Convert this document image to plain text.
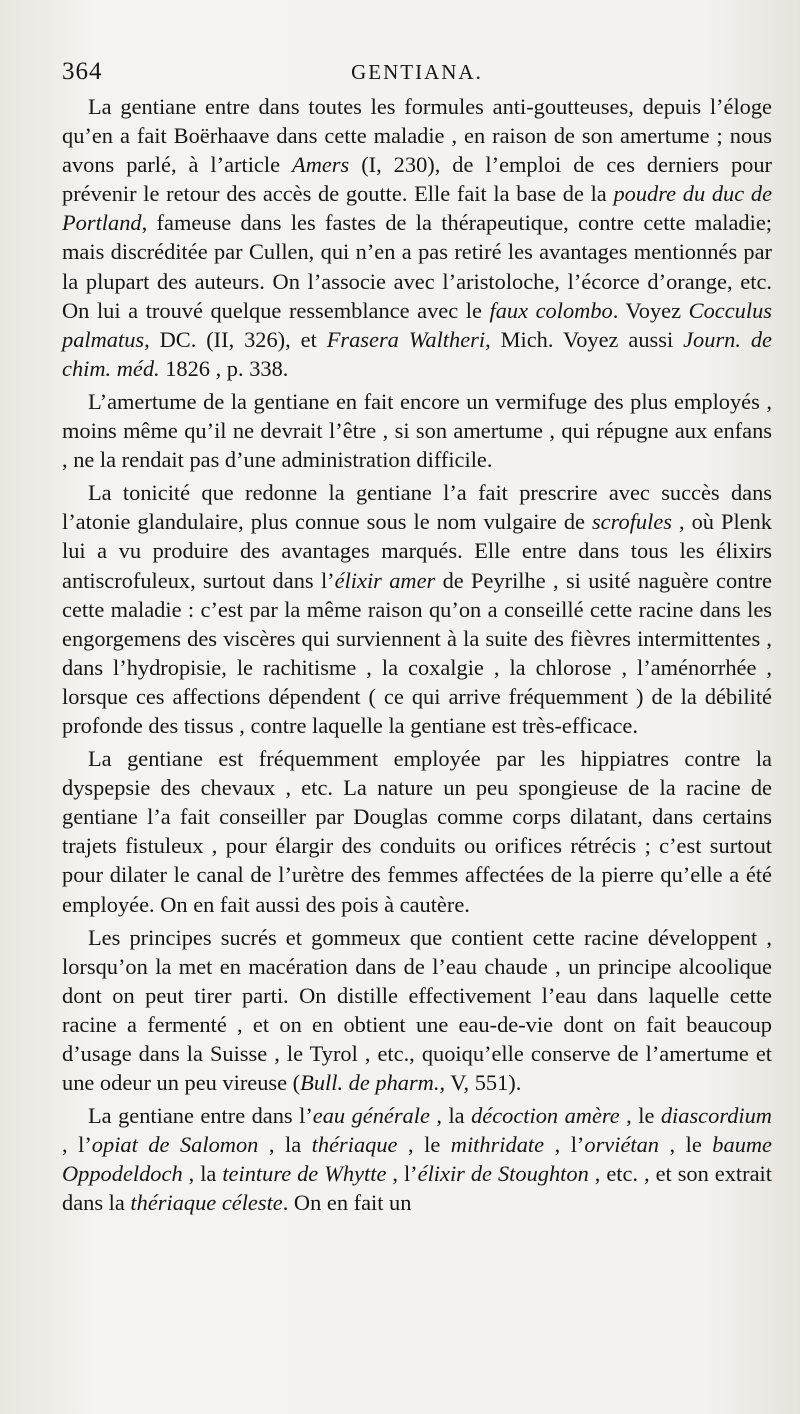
364	GENTIANA.

La gentiane entre dans toutes les formules anti-goutteuses, depuis l’éloge qu’en a fait Boërhaave dans cette maladie , en raison de son amertume ; nous avons parlé, à l’article Amers (I, 230), de l’emploi de ces derniers pour prévenir le retour des accès de goutte. Elle fait la base de la poudre du duc de Portland, fameuse dans les fastes de la thérapeutique, contre cette maladie; mais discréditée par Cullen, qui n’en a pas retiré les avantages mentionnés par la plupart des auteurs. On l’associe avec l’aristoloche, l’écorce d’orange, etc. On lui a trouvé quelque ressemblance avec le faux colombo. Voyez Cocculus palmatus, DC. (II, 326), et Frasera Waltheri, Mich. Voyez aussi Journ. de chim. méd. 1826 , p. 338.

L’amertume de la gentiane en fait encore un vermifuge des plus employés , moins même qu’il ne devrait l’être , si son amertume , qui répugne aux enfans , ne la rendait pas d’une administration difficile.

La tonicité que redonne la gentiane l’a fait prescrire avec succès dans l’atonie glandulaire, plus connue sous le nom vulgaire de scrofules , où Plenk lui a vu produire des avantages marqués. Elle entre dans tous les élixirs antiscrofuleux, surtout dans l’élixir amer de Peyrilhe , si usité naguère contre cette maladie : c’est par la même raison qu’on a conseillé cette racine dans les engorgemens des viscères qui surviennent à la suite des fièvres intermittentes , dans l’hydropisie, le rachitisme , la coxalgie , la chlorose , l’aménorrhée , lorsque ces affections dépendent ( ce qui arrive fréquemment ) de la débilité profonde des tissus , contre laquelle la gentiane est très-efficace.

La gentiane est fréquemment employée par les hippiatres contre la dyspepsie des chevaux , etc. La nature un peu spongieuse de la racine de gentiane l’a fait conseiller par Douglas comme corps dilatant, dans certains trajets fistuleux , pour élargir des conduits ou orifices rétrécis ; c’est surtout pour dilater le canal de l’urètre des femmes affectées de la pierre qu’elle a été employée. On en fait aussi des pois à cautère.

Les principes sucrés et gommeux que contient cette racine développent , lorsqu’on la met en macération dans de l’eau chaude , un principe alcoolique dont on peut tirer parti. On distille effectivement l’eau dans laquelle cette racine a fermenté , et on en obtient une eau-de-vie dont on fait beaucoup d’usage dans la Suisse , le Tyrol , etc., quoiqu’elle conserve de l’amertume et une odeur un peu vireuse (Bull. de pharm., V, 551).

La gentiane entre dans l’eau générale , la décoction amère , le diascordium , l’opiat de Salomon , la thériaque , le mithridate , l’orviétan , le baume Oppodeldoch , la teinture de Whytte , l’élixir de Stoughton , etc. , et son extrait dans la thériaque céleste. On en fait un
